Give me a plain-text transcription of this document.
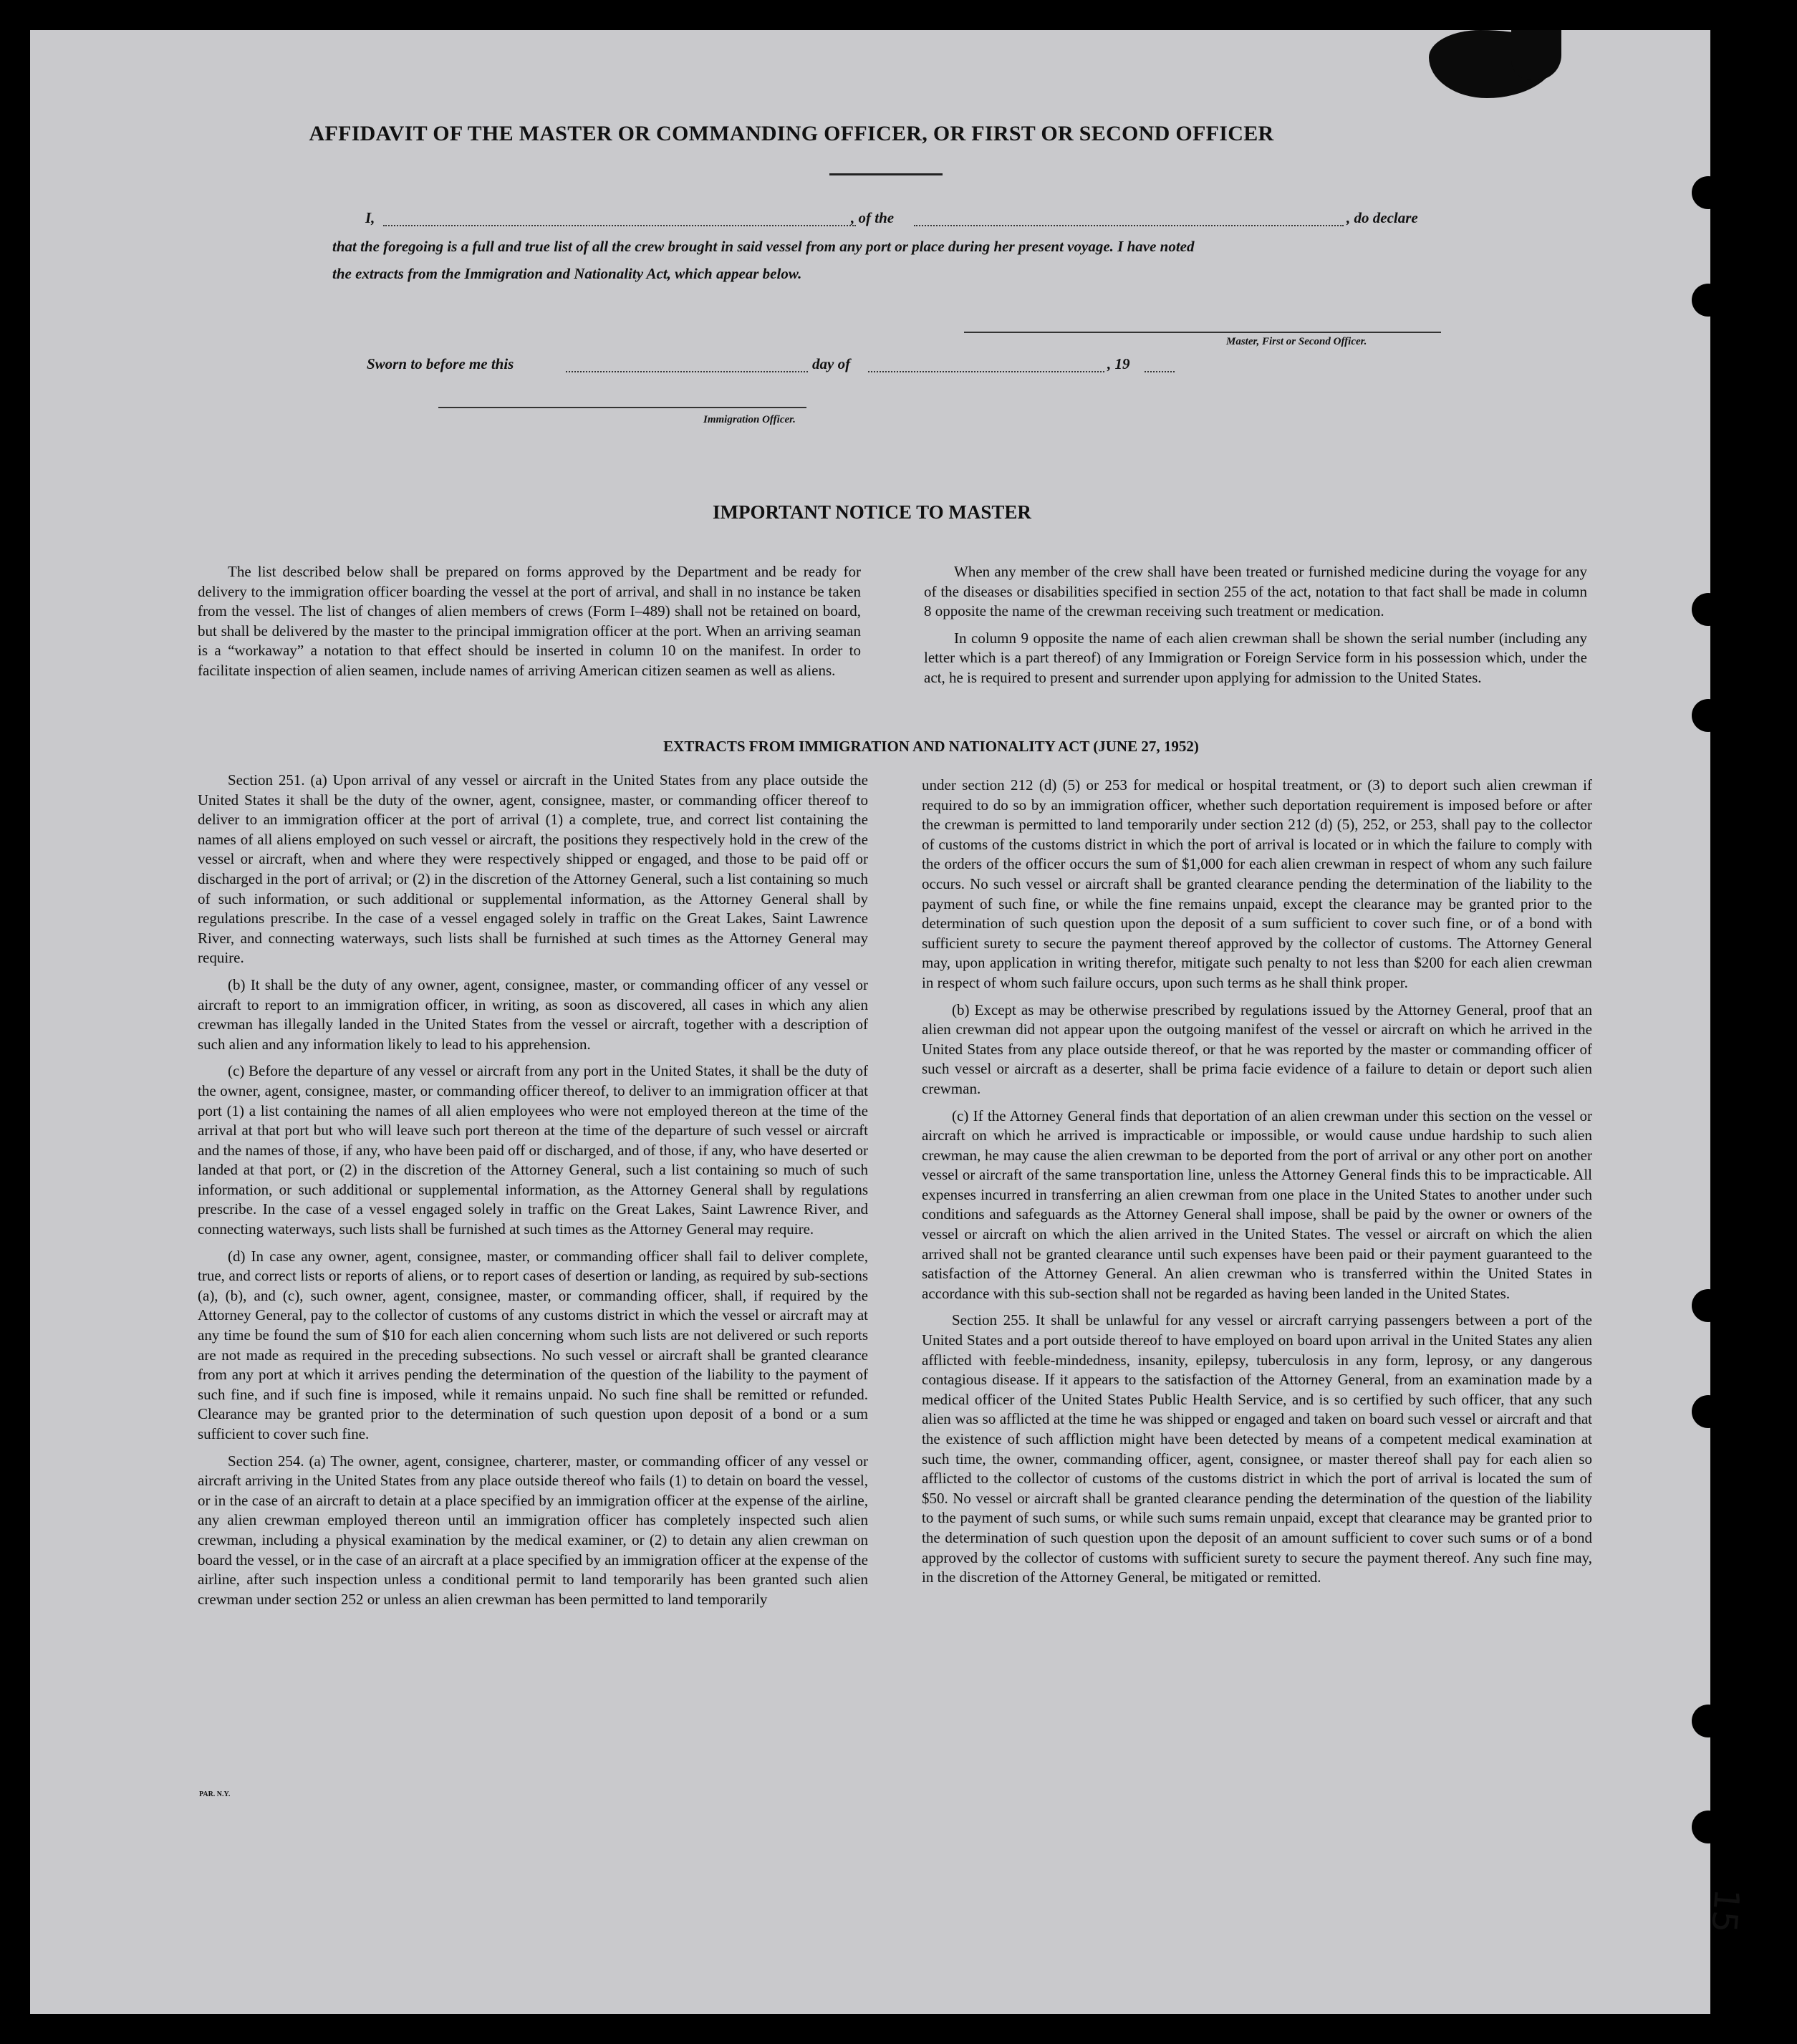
AFFIDAVIT OF THE MASTER OR COMMANDING OFFICER, OR FIRST OR SECOND OFFICER
I,	, of the	, do declare
that the foregoing is a full and true list of all the crew brought in said vessel from any port or place during her present voyage. I have noted
the extracts from the Immigration and Nationality Act, which appear below.
Master, First or Second Officer.
Sworn to before me this	day of	, 19
Immigration Officer.
IMPORTANT NOTICE TO MASTER

The list described below shall be prepared on forms approved by the Department and be ready for delivery to the immigration officer boarding the vessel at the port of arrival, and shall in no instance be taken from the vessel. The list of changes of alien members of crews (Form I–489) shall not be retained on board, but shall be delivered by the master to the principal immigration officer at the port. When an arriving seaman is a “workaway” a notation to that effect should be inserted in column 10 on the manifest. In order to facilitate inspection of alien seamen, include names of arriving American citizen seamen as well as aliens.

When any member of the crew shall have been treated or furnished medicine during the voyage for any of the diseases or disabilities specified in section 255 of the act, notation to that fact shall be made in column 8 opposite the name of the crewman receiving such treatment or medication.

In column 9 opposite the name of each alien crewman shall be shown the serial number (including any letter which is a part thereof) of any Immigration or Foreign Service form in his possession which, under the act, he is required to present and surrender upon applying for admission to the United States.

EXTRACTS FROM IMMIGRATION AND NATIONALITY ACT (JUNE 27, 1952)

Section 251. (a) Upon arrival of any vessel or aircraft in the United States from any place outside the United States it shall be the duty of the owner, agent, consignee, master, or commanding officer thereof to deliver to an immigration officer at the port of arrival (1) a complete, true, and correct list containing the names of all aliens employed on such vessel or aircraft, the positions they respectively hold in the crew of the vessel or aircraft, when and where they were respectively shipped or engaged, and those to be paid off or discharged in the port of arrival; or (2) in the discretion of the Attorney General, such a list containing so much of such information, or such additional or supplemental information, as the Attorney General shall by regulations prescribe. In the case of a vessel engaged solely in traffic on the Great Lakes, Saint Lawrence River, and connecting waterways, such lists shall be furnished at such times as the Attorney General may require.

(b) It shall be the duty of any owner, agent, consignee, master, or commanding officer of any vessel or aircraft to report to an immigration officer, in writing, as soon as discovered, all cases in which any alien crewman has illegally landed in the United States from the vessel or aircraft, together with a description of such alien and any information likely to lead to his apprehension.

(c) Before the departure of any vessel or aircraft from any port in the United States, it shall be the duty of the owner, agent, consignee, master, or commanding officer thereof, to deliver to an immigration officer at that port (1) a list containing the names of all alien employees who were not employed thereon at the time of the arrival at that port but who will leave such port thereon at the time of the departure of such vessel or aircraft and the names of those, if any, who have been paid off or discharged, and of those, if any, who have deserted or landed at that port, or (2) in the discretion of the Attorney General, such a list containing so much of such information, or such additional or supplemental information, as the Attorney General shall by regulations prescribe. In the case of a vessel engaged solely in traffic on the Great Lakes, Saint Lawrence River, and connecting waterways, such lists shall be furnished at such times as the Attorney General may require.

(d) In case any owner, agent, consignee, master, or commanding officer shall fail to deliver complete, true, and correct lists or reports of aliens, or to report cases of desertion or landing, as required by sub-sections (a), (b), and (c), such owner, agent, consignee, master, or commanding officer, shall, if required by the Attorney General, pay to the collector of customs of any customs district in which the vessel or aircraft may at any time be found the sum of $10 for each alien concerning whom such lists are not delivered or such reports are not made as required in the preceding subsections. No such vessel or aircraft shall be granted clearance from any port at which it arrives pending the determination of the question of the liability to the payment of such fine, and if such fine is imposed, while it remains unpaid. No such fine shall be remitted or refunded. Clearance may be granted prior to the determination of such question upon deposit of a bond or a sum sufficient to cover such fine.

Section 254. (a) The owner, agent, consignee, charterer, master, or commanding officer of any vessel or aircraft arriving in the United States from any place outside thereof who fails (1) to detain on board the vessel, or in the case of an aircraft to detain at a place specified by an immigration officer at the expense of the airline, any alien crewman employed thereon until an immigration officer has completely inspected such alien crewman, including a physical examination by the medical examiner, or (2) to detain any alien crewman on board the vessel, or in the case of an aircraft at a place specified by an immigration officer at the expense of the airline, after such inspection unless a conditional permit to land temporarily has been granted such alien crewman under section 252 or unless an alien crewman has been permitted to land temporarily

under section 212 (d) (5) or 253 for medical or hospital treatment, or (3) to deport such alien crewman if required to do so by an immigration officer, whether such deportation requirement is imposed before or after the crewman is permitted to land temporarily under section 212 (d) (5), 252, or 253, shall pay to the collector of customs of the customs district in which the port of arrival is located or in which the failure to comply with the orders of the officer occurs the sum of $1,000 for each alien crewman in respect of whom any such failure occurs. No such vessel or aircraft shall be granted clearance pending the determination of the liability to the payment of such fine, or while the fine remains unpaid, except the clearance may be granted prior to the determination of such question upon the deposit of a sum sufficient to cover such fine, or of a bond with sufficient surety to secure the payment thereof approved by the collector of customs. The Attorney General may, upon application in writing therefor, mitigate such penalty to not less than $200 for each alien crewman in respect of whom such failure occurs, upon such terms as he shall think proper.

(b) Except as may be otherwise prescribed by regulations issued by the Attorney General, proof that an alien crewman did not appear upon the outgoing manifest of the vessel or aircraft on which he arrived in the United States from any place outside thereof, or that he was reported by the master or commanding officer of such vessel or aircraft as a deserter, shall be prima facie evidence of a failure to detain or deport such alien crewman.

(c) If the Attorney General finds that deportation of an alien crewman under this section on the vessel or aircraft on which he arrived is impracticable or impossible, or would cause undue hardship to such alien crewman, he may cause the alien crewman to be deported from the port of arrival or any other port on another vessel or aircraft of the same transportation line, unless the Attorney General finds this to be impracticable. All expenses incurred in transferring an alien crewman from one place in the United States to another under such conditions and safeguards as the Attorney General shall impose, shall be paid by the owner or owners of the vessel or aircraft on which the alien arrived in the United States. The vessel or aircraft on which the alien arrived shall not be granted clearance until such expenses have been paid or their payment guaranteed to the satisfaction of the Attorney General. An alien crewman who is transferred within the United States in accordance with this sub-section shall not be regarded as having been landed in the United States.

Section 255. It shall be unlawful for any vessel or aircraft carrying passengers between a port of the United States and a port outside thereof to have employed on board upon arrival in the United States any alien afflicted with feeble-mindedness, insanity, epilepsy, tuberculosis in any form, leprosy, or any dangerous contagious disease. If it appears to the satisfaction of the Attorney General, from an examination made by a medical officer of the United States Public Health Service, and is so certified by such officer, that any such alien was so afflicted at the time he was shipped or engaged and taken on board such vessel or aircraft and that the existence of such affliction might have been detected by means of a competent medical examination at such time, the owner, commanding officer, agent, consignee, or master thereof shall pay for each alien so afflicted to the collector of customs of the customs district in which the port of arrival is located the sum of $50. No vessel or aircraft shall be granted clearance pending the determination of the question of the liability to the payment of such sums, or while such sums remain unpaid, except that clearance may be granted prior to the determination of such question upon the deposit of an amount sufficient to cover such sums or of a bond approved by the collector of customs with sufficient surety to secure the payment thereof. Any such fine may, in the discretion of the Attorney General, be mitigated or remitted.

PAR. N.Y.
15
